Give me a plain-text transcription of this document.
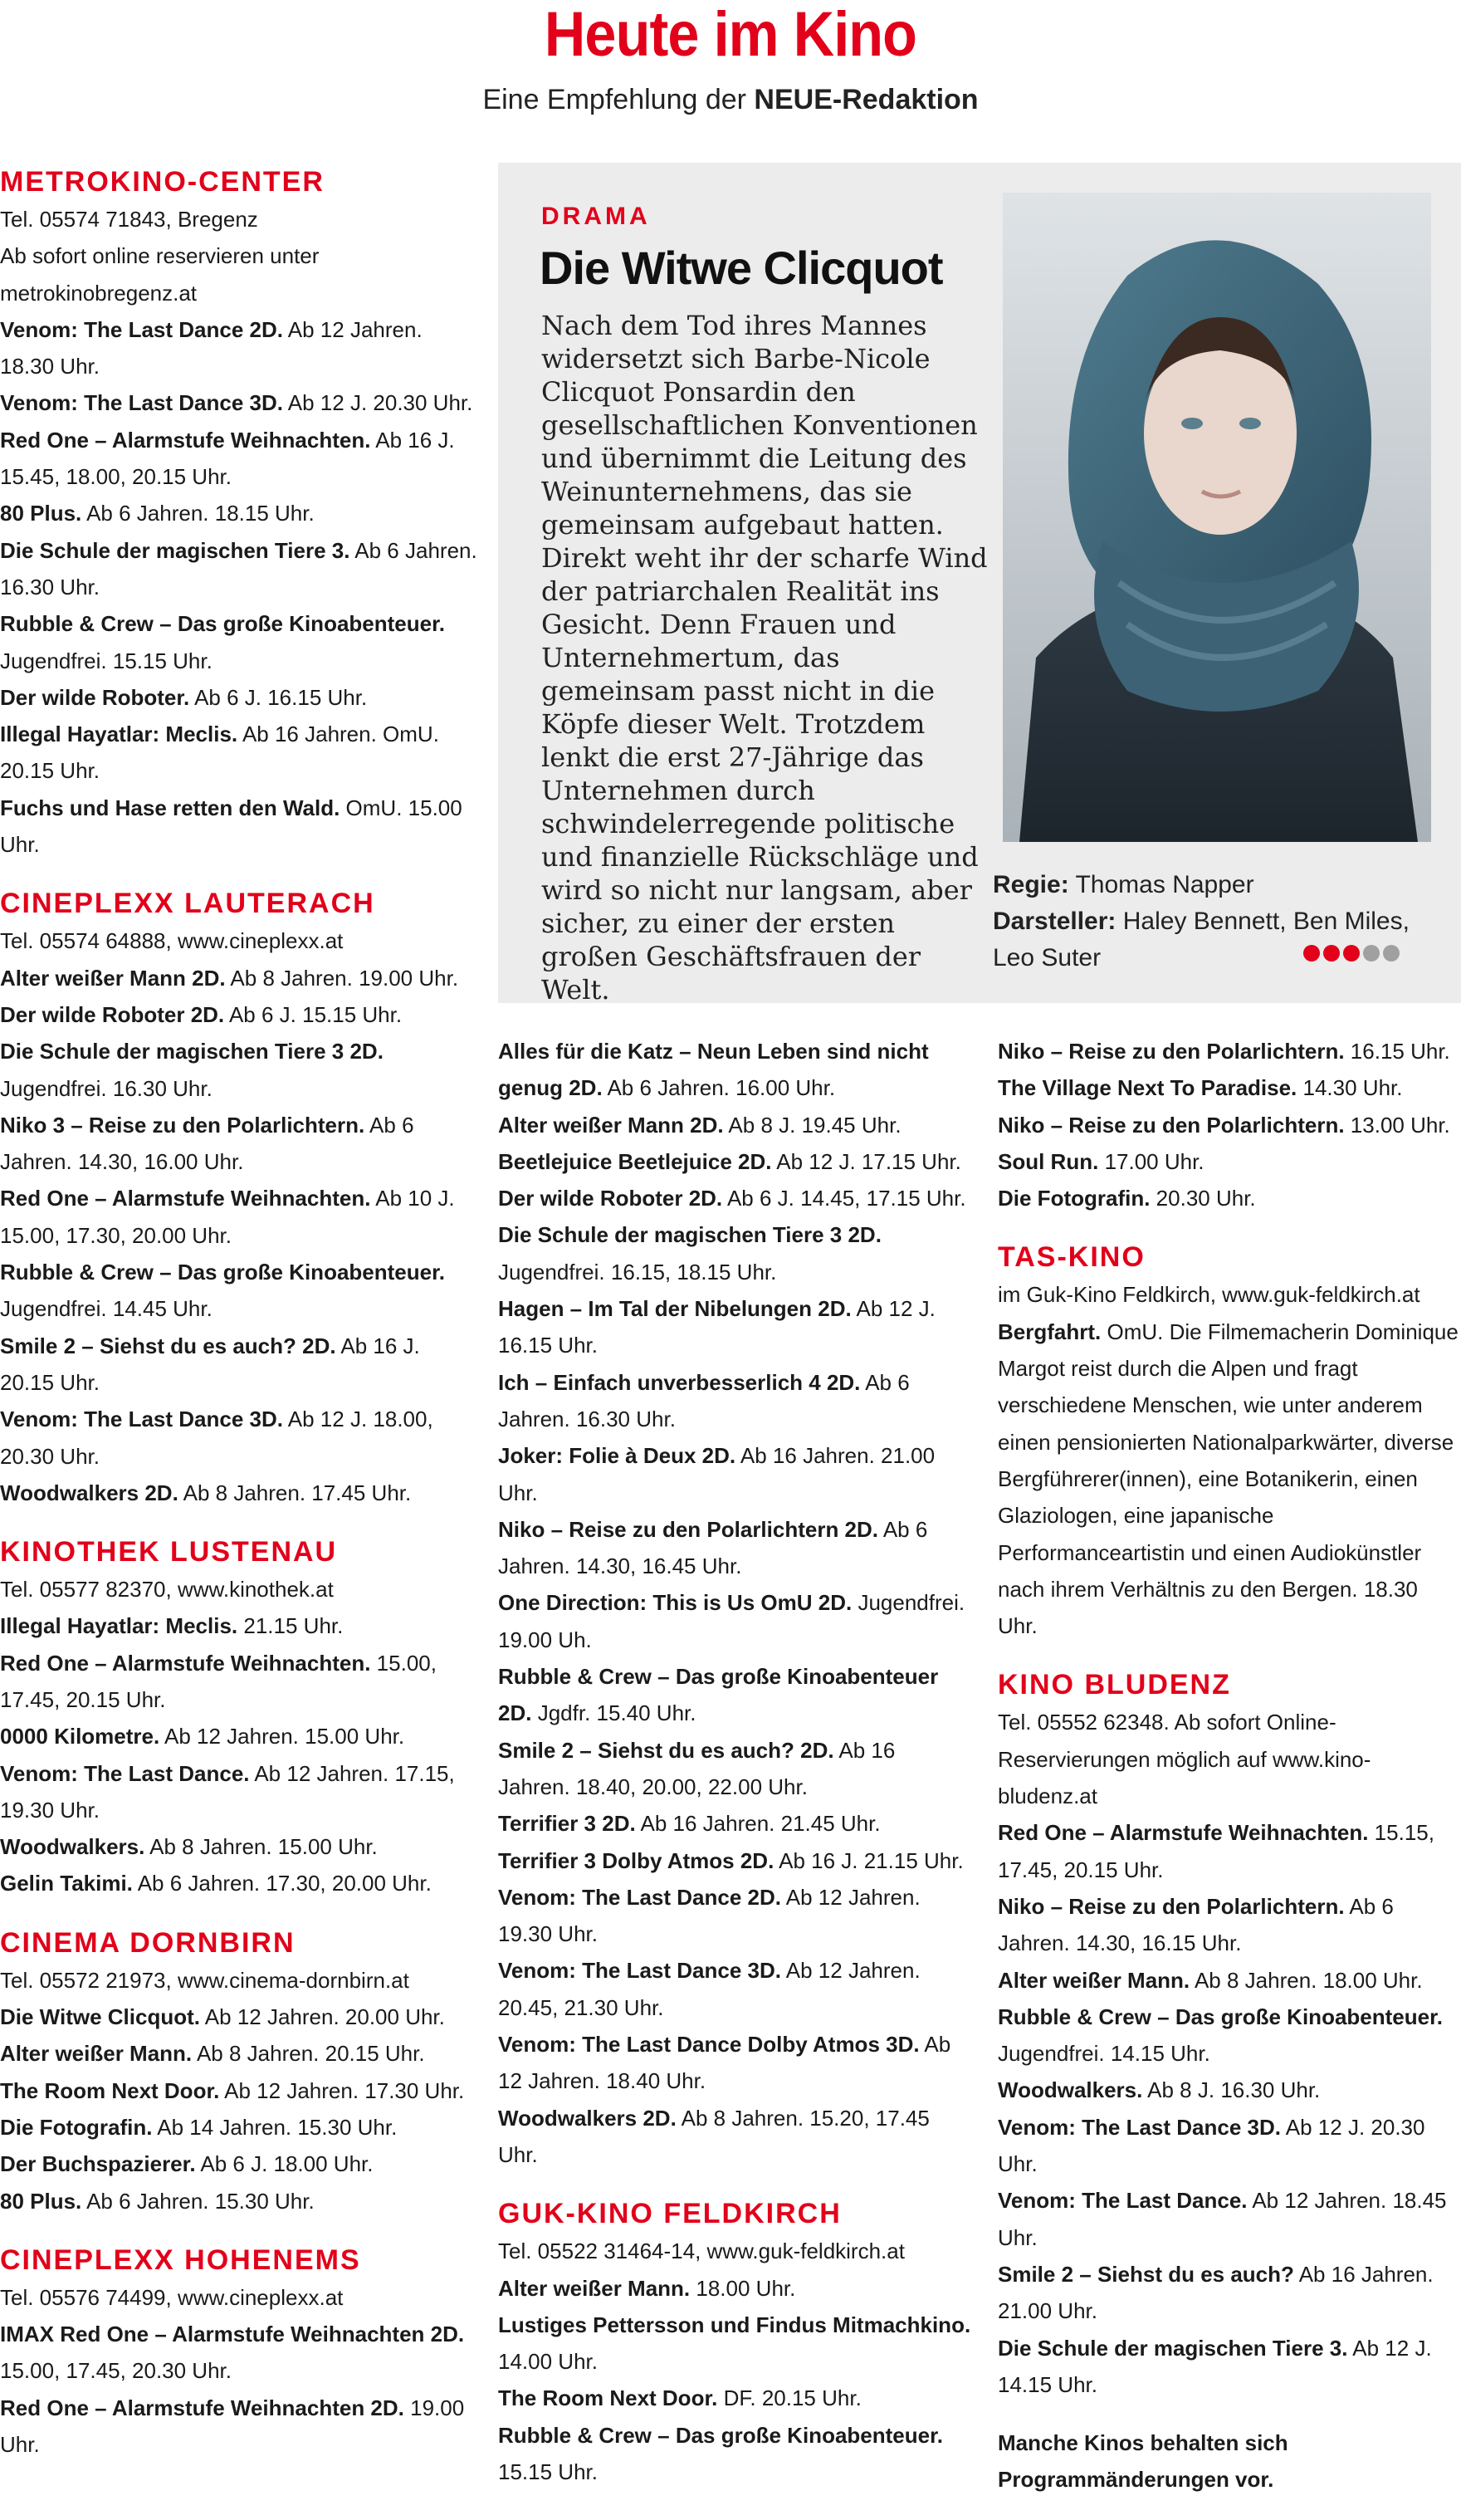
Heute im Kino
Eine Empfehlung der NEUE-Redaktion
METROKINO-CENTER
Tel. 05574 71843, Bregenz
Ab sofort online reservieren unter metrokinobregenz.at
Venom: The Last Dance 2D. Ab 12 Jahren. 18.30 Uhr.
Venom: The Last Dance 3D. Ab 12 J. 20.30 Uhr.
Red One – Alarmstufe Weihnachten. Ab 16 J. 15.45, 18.00, 20.15 Uhr.
80 Plus. Ab 6 Jahren. 18.15 Uhr.
Die Schule der magischen Tiere 3. Ab 6 Jahren. 16.30 Uhr.
Rubble & Crew – Das große Kinoabenteuer. Jugendfrei. 15.15 Uhr.
Der wilde Roboter. Ab 6 J. 16.15 Uhr.
Illegal Hayatlar: Meclis. Ab 16 Jahren. OmU. 20.15 Uhr.
Fuchs und Hase retten den Wald. OmU. 15.00 Uhr.
CINEPLEXX LAUTERACH
Tel. 05574 64888, www.cineplexx.at
Alter weißer Mann 2D. Ab 8 Jahren. 19.00 Uhr.
Der wilde Roboter 2D. Ab 6 J. 15.15 Uhr.
Die Schule der magischen Tiere 3 2D. Jugendfrei. 16.30 Uhr.
Niko 3 – Reise zu den Polarlichtern. Ab 6 Jahren. 14.30, 16.00 Uhr.
Red One – Alarmstufe Weihnachten. Ab 10 J. 15.00, 17.30, 20.00 Uhr.
Rubble & Crew – Das große Kinoabenteuer. Jugendfrei. 14.45 Uhr.
Smile 2 – Siehst du es auch? 2D. Ab 16 J. 20.15 Uhr.
Venom: The Last Dance 3D. Ab 12 J. 18.00, 20.30 Uhr.
Woodwalkers 2D. Ab 8 Jahren. 17.45 Uhr.
KINOTHEK LUSTENAU
Tel. 05577 82370, www.kinothek.at
Illegal Hayatlar: Meclis. 21.15 Uhr.
Red One – Alarmstufe Weihnachten. 15.00, 17.45, 20.15 Uhr.
0000 Kilometre. Ab 12 Jahren. 15.00 Uhr.
Venom: The Last Dance. Ab 12 Jahren. 17.15, 19.30 Uhr.
Woodwalkers. Ab 8 Jahren. 15.00 Uhr.
Gelin Takimi. Ab 6 Jahren. 17.30, 20.00 Uhr.
CINEMA DORNBIRN
Tel. 05572 21973, www.cinema-dornbirn.at
Die Witwe Clicquot. Ab 12 Jahren. 20.00 Uhr.
Alter weißer Mann. Ab 8 Jahren. 20.15 Uhr.
The Room Next Door. Ab 12 Jahren. 17.30 Uhr.
Die Fotografin. Ab 14 Jahren. 15.30 Uhr.
Der Buchspazierer. Ab 6 J. 18.00 Uhr.
80 Plus. Ab 6 Jahren. 15.30 Uhr.
CINEPLEXX HOHENEMS
Tel. 05576 74499, www.cineplexx.at
IMAX Red One – Alarmstufe Weihnachten 2D. 15.00, 17.45, 20.30 Uhr.
Red One – Alarmstufe Weihnachten 2D. 19.00 Uhr.
DRAMA
Die Witwe Clicquot

Nach dem Tod ihres Mannes widersetzt sich Barbe-Nicole Clicquot Ponsardin den gesellschaftlichen Konventionen und übernimmt die Leitung des Weinunternehmens, das sie gemeinsam aufgebaut hatten. Direkt weht ihr der scharfe Wind der patriarchalen Realität ins Gesicht. Denn Frauen und Unternehmertum, das gemeinsam passt nicht in die Köpfe dieser Welt. Trotzdem lenkt die erst 27-Jährige das Unternehmen durch schwindelerregende politische und finanzielle Rückschläge und wird so nicht nur langsam, aber sicher, zu einer der ersten großen Geschäftsfrauen der Welt.

Regie: Thomas Napper
Darsteller: Haley Bennett, Ben Miles, Leo Suter
Alles für die Katz – Neun Leben sind nicht genug 2D. Ab 6 Jahren. 16.00 Uhr.
Alter weißer Mann 2D. Ab 8 J. 19.45 Uhr.
Beetlejuice Beetlejuice 2D. Ab 12 J. 17.15 Uhr.
Der wilde Roboter 2D. Ab 6 J. 14.45, 17.15 Uhr.
Die Schule der magischen Tiere 3 2D. Jugendfrei. 16.15, 18.15 Uhr.
Hagen – Im Tal der Nibelungen 2D. Ab 12 J. 16.15 Uhr.
Ich – Einfach unverbesserlich 4 2D. Ab 6 Jahren. 16.30 Uhr.
Joker: Folie à Deux 2D. Ab 16 Jahren. 21.00 Uhr.
Niko – Reise zu den Polarlichtern 2D. Ab 6 Jahren. 14.30, 16.45 Uhr.
One Direction: This is Us OmU 2D. Jugendfrei. 19.00 Uh.
Rubble & Crew – Das große Kinoabenteuer 2D. Jgdfr. 15.40 Uhr.
Smile 2 – Siehst du es auch? 2D. Ab 16 Jahren. 18.40, 20.00, 22.00 Uhr.
Terrifier 3 2D. Ab 16 Jahren. 21.45 Uhr.
Terrifier 3 Dolby Atmos 2D. Ab 16 J. 21.15 Uhr.
Venom: The Last Dance 2D. Ab 12 Jahren. 19.30 Uhr.
Venom: The Last Dance 3D. Ab 12 Jahren. 20.45, 21.30 Uhr.
Venom: The Last Dance Dolby Atmos 3D. Ab 12 Jahren. 18.40 Uhr.
Woodwalkers 2D. Ab 8 Jahren. 15.20, 17.45 Uhr.
GUK-KINO FELDKIRCH
Tel. 05522 31464-14, www.guk-feldkirch.at
Alter weißer Mann. 18.00 Uhr.
Lustiges Pettersson und Findus Mitmachkino. 14.00 Uhr.
The Room Next Door. DF. 20.15 Uhr.
Rubble & Crew – Das große Kinoabenteuer. 15.15 Uhr.
Niko – Reise zu den Polarlichtern. 16.15 Uhr.
The Village Next To Paradise. 14.30 Uhr.
Niko – Reise zu den Polarlichtern. 13.00 Uhr.
Soul Run. 17.00 Uhr.
Die Fotografin. 20.30 Uhr.
TAS-KINO
im Guk-Kino Feldkirch, www.guk-feldkirch.at
Bergfahrt. OmU. Die Filmemacherin Dominique Margot reist durch die Alpen und fragt verschiedene Menschen, wie unter anderem einen pensionierten Nationalparkwärter, diverse Bergführerer(innen), eine Botanikerin, einen Glaziologen, eine japanische Performanceartistin und einen Audiokünstler nach ihrem Verhältnis zu den Bergen. 18.30 Uhr.
KINO BLUDENZ
Tel. 05552 62348. Ab sofort Online-Reservierungen möglich auf www.kino-bludenz.at
Red One – Alarmstufe Weihnachten. 15.15, 17.45, 20.15 Uhr.
Niko – Reise zu den Polarlichtern. Ab 6 Jahren. 14.30, 16.15 Uhr.
Alter weißer Mann. Ab 8 Jahren. 18.00 Uhr.
Rubble & Crew – Das große Kinoabenteuer. Jugendfrei. 14.15 Uhr.
Woodwalkers. Ab 8 J. 16.30 Uhr.
Venom: The Last Dance 3D. Ab 12 J. 20.30 Uhr.
Venom: The Last Dance. Ab 12 Jahren. 18.45 Uhr.
Smile 2 – Siehst du es auch? Ab 16 Jahren. 21.00 Uhr.
Die Schule der magischen Tiere 3. Ab 12 J. 14.15 Uhr.
Manche Kinos behalten sich Programmänderungen vor.
